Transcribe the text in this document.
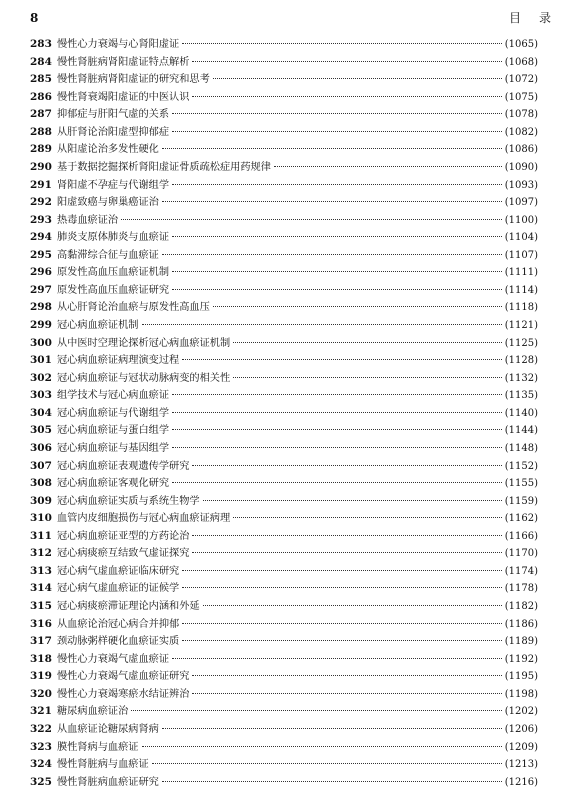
8	目录
283 慢性心力衰竭与心肾阳虚证	(1065)
284 慢性肾脏病肾阳虚证特点解析	(1068)
285 慢性肾脏病肾阳虚证的研究和思考	(1072)
286 慢性肾衰竭阳虚证的中医认识	(1075)
287 抑郁症与肝阳气虚的关系	(1078)
288 从肝肾论治阳虚型抑郁症	(1082)
289 从阳虚论治多发性硬化	(1086)
290 基于数据挖掘探析肾阳虚证骨质疏松症用药规律	(1090)
291 肾阳虚不孕症与代谢组学	(1093)
292 阳虚致癌与卵巢癌证治	(1097)
293 热毒血瘀证治	(1100)
294 肺炎支原体肺炎与血瘀证	(1104)
295 高黏滞综合征与血瘀证	(1107)
296 原发性高血压血瘀证机制	(1111)
297 原发性高血压血瘀证研究	(1114)
298 从心肝肾论治血瘀与原发性高血压	(1118)
299 冠心病血瘀证机制	(1121)
300 从中医时空理论探析冠心病血瘀证机制	(1125)
301 冠心病血瘀证病理演变过程	(1128)
302 冠心病血瘀证与冠状动脉病变的相关性	(1132)
303 组学技术与冠心病血瘀证	(1135)
304 冠心病血瘀证与代谢组学	(1140)
305 冠心病血瘀证与蛋白组学	(1144)
306 冠心病血瘀证与基因组学	(1148)
307 冠心病血瘀证表观遗传学研究	(1152)
308 冠心病血瘀证客观化研究	(1155)
309 冠心病血瘀证实质与系统生物学	(1159)
310 血管内皮细胞损伤与冠心病血瘀证病理	(1162)
311 冠心病血瘀证亚型的方药论治	(1166)
312 冠心病痰瘀互结致气虚证探究	(1170)
313 冠心病气虚血瘀证临床研究	(1174)
314 冠心病气虚血瘀证的证候学	(1178)
315 冠心病痰瘀滞证理论内涵和外延	(1182)
316 从血瘀论治冠心病合并抑郁	(1186)
317 颈动脉粥样硬化血瘀证实质	(1189)
318 慢性心力衰竭气虚血瘀证	(1192)
319 慢性心力衰竭气虚血瘀证研究	(1195)
320 慢性心力衰竭寒瘀水结证辨治	(1198)
321 糖尿病血瘀证治	(1202)
322 从血瘀证论糖尿病肾病	(1206)
323 膜性肾病与血瘀证	(1209)
324 慢性肾脏病与血瘀证	(1213)
325 慢性肾脏病血瘀证研究	(1216)
